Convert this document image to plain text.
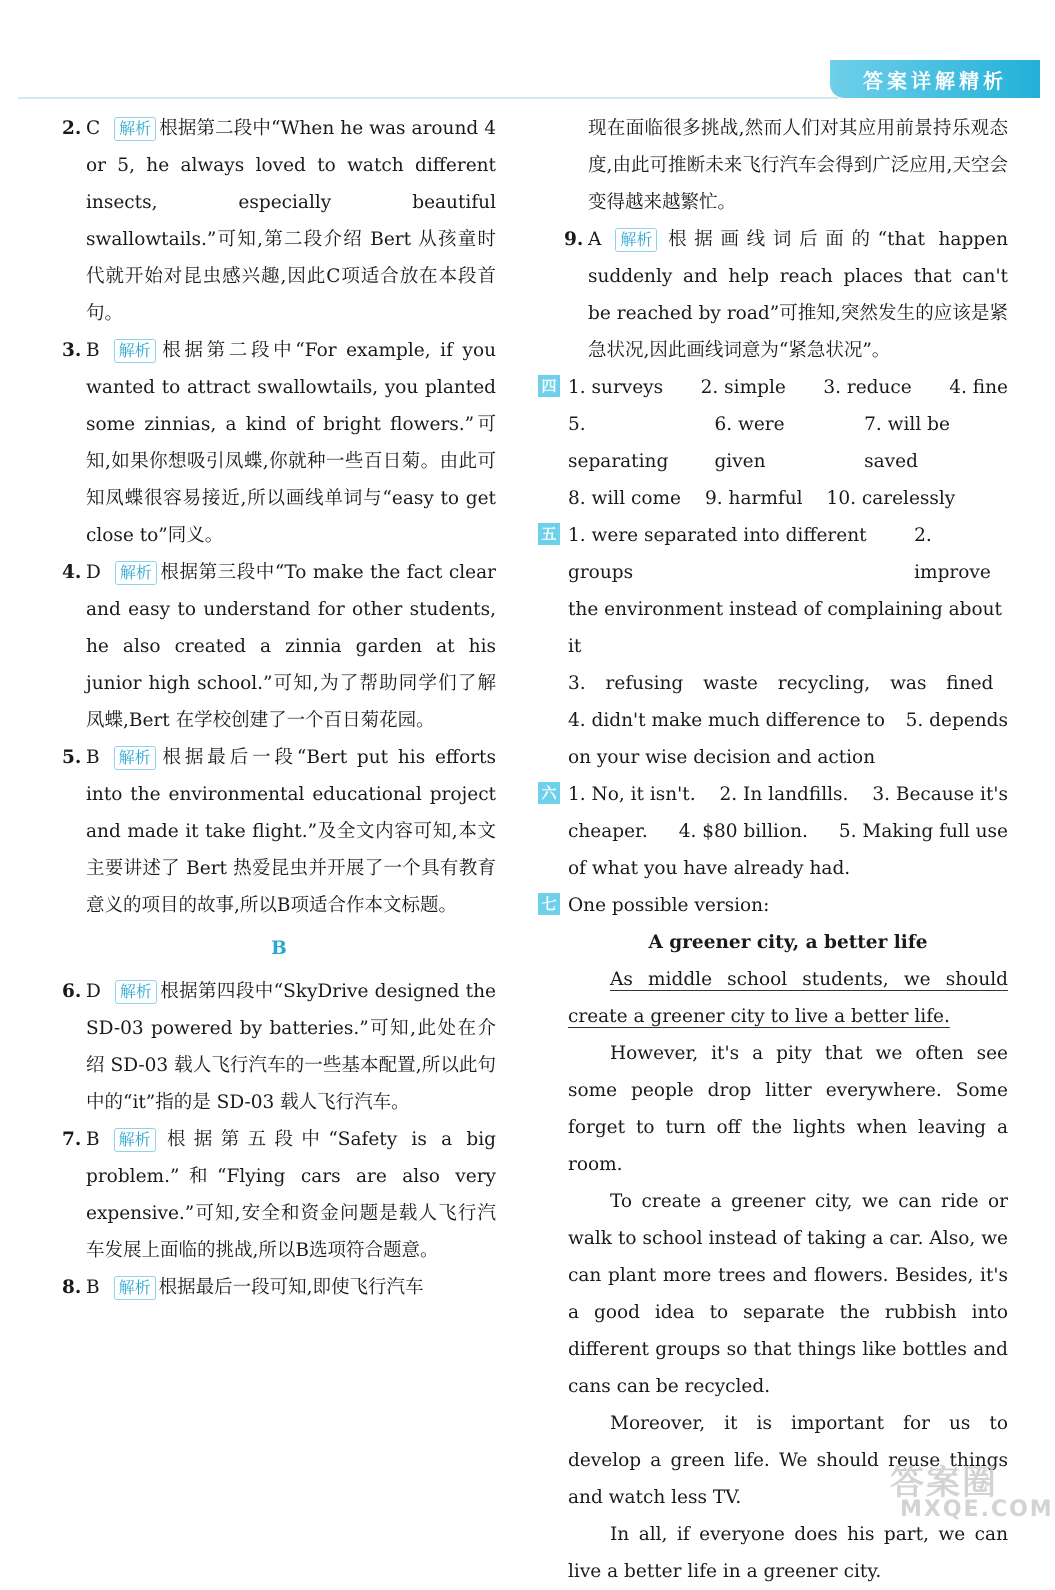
答案详解精析
2. C 解析 根据第二段中“When he was around 4 or 5, he always loved to watch different insects, especially beautiful swallowtails.”可知,第二段介绍 Bert 从孩童时代就开始对昆虫感兴趣,因此C项适合放在本段首句。
3. B 解析 根据第二段中“For example, if you wanted to attract swallowtails, you planted some zinnias, a kind of bright flowers.”可知,如果你想吸引凤蝶,你就种一些百日菊。由此可知凤蝶很容易接近,所以画线单词与“easy to get close to”同义。
4. D 解析 根据第三段中“To make the fact clear and easy to understand for other students, he also created a zinnia garden at his junior high school.”可知,为了帮助同学们了解凤蝶,Bert 在学校创建了一个百日菊花园。
5. B 解析 根据最后一段“Bert put his efforts into the environmental educational project and made it take flight.”及全文内容可知,本文主要讲述了 Bert 热爱昆虫并开展了一个具有教育意义的项目的故事,所以B项适合作本文标题。
B
6. D 解析 根据第四段中“SkyDrive designed the SD-03 powered by batteries.”可知,此处在介绍 SD-03 载人飞行汽车的一些基本配置,所以此句中的“it”指的是 SD-03 载人飞行汽车。
7. B 解析 根据第五段中“Safety is a big problem.”和“Flying cars are also very expensive.”可知,安全和资金问题是载人飞行汽车发展上面临的挑战,所以B选项符合题意。
8. B 解析 根据最后一段可知,即使飞行汽车

现在面临很多挑战,然而人们对其应用前景持乐观态度,由此可推断未来飞行汽车会得到广泛应用,天空会变得越来越繁忙。

9. A 解析 根据画线词后面的“that happen suddenly and help reach places that can't be reached by road”可推知,突然发生的应该是紧急状况,因此画线词意为“紧急状况”。
四 1. surveys 2. simple 3. reduce 4. fine
5. separating
6. were given
7. will be saved
8. will come 9. harmful 10. carelessly
五 1. were separated into different groups
2. improve
the environment instead of complaining about it
3. refusing waste recycling, was fined
4. didn't make much difference to 5. depends
on your wise decision and action
六 1. No, it isn't. 2. In landfills. 3. Because it's
cheaper. 4. $80 billion. 5. Making full use
of what you have already had.
七 One possible version:
A greener city, a better life

As middle school students, we should create a greener city to live a better life.

However, it's a pity that we often see some people drop litter everywhere. Some forget to turn off the lights when leaving a room.

To create a greener city, we can ride or walk to school instead of taking a car. Also, we can plant more trees and flowers. Besides, it's a good idea to separate the rubbish into different groups so that things like bottles and cans can be recycled.

Moreover, it is important for us to develop a green life. We should reuse things and watch less TV.

In all, if everyone does his part, we can live a better life in a greener city.

答案圈
MXQE.COM
